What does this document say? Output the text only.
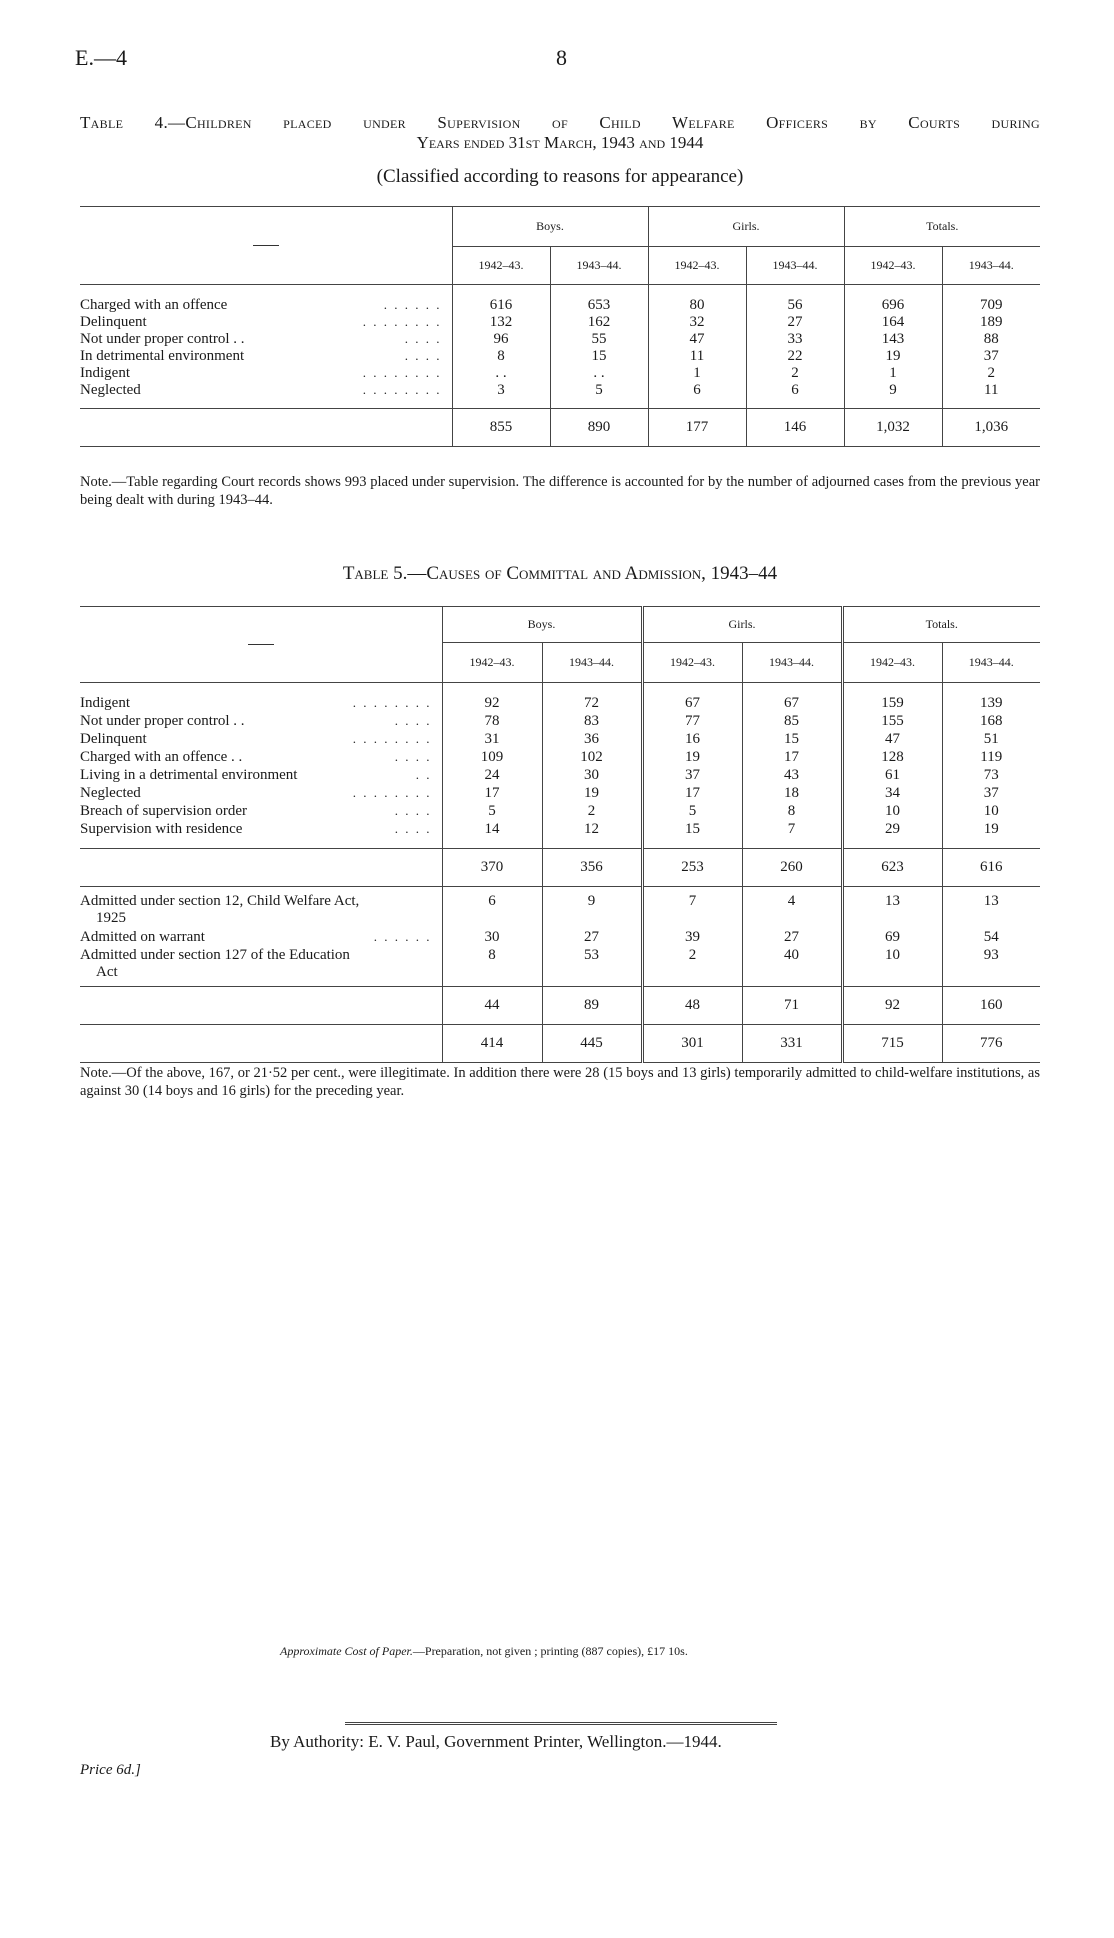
E.—4	8
Table 4.—Children placed under Supervision of Child Welfare Officers by Courts during
Years ended 31st March, 1943 and 1944
(Classified according to reasons for appearance)
	Boys.		Girls.		Totals.	
	1942–43.	1943–44.	1942–43.	1943–44.	1942–43.	1943–44.

Charged with an offence . . . . . .	616	653	80	56	696	709
Delinquent . . . . . . . .	132	162	32	27	164	189
Not under proper control . . . . . .	96	55	47	33	143	88
In detrimental environment . . . .	8	15	11	22	19	37
Indigent . . . . . . . .	. .	. .	1	2	1	2
Neglected . . . . . . . .	3	5	6	6	9	11

	855	890	177	146	1,032	1,036
Note.—Table regarding Court records shows 993 placed under supervision. The difference is accounted for by the number of adjourned cases from the previous year being dealt with during 1943–44.
Table 5.—Causes of Committal and Admission, 1943–44
	Boys.		Girls.		Totals.	
	1942–43.	1943–44.	1942–43.	1943–44.	1942–43.	1943–44.

Indigent . . . . . . . .	92	72	67	67	159	139
Not under proper control . . . . . .	78	83	77	85	155	168
Delinquent . . . . . . . .	31	36	16	15	47	51
Charged with an offence . . . . . .	109	102	19	17	128	119
Living in a detrimental environment . .	24	30	37	43	61	73
Neglected . . . . . . . .	17	19	17	18	34	37
Breach of supervision order . . . .	5	2	5	8	10	10
Supervision with residence . . . .	14	12	15	7	29	19

	370	356	253	260	623	616

Admitted under section 12, Child Welfare Act,
1925	6	9	7	4	13	13
Admitted on warrant . . . . . .	30	27	39	27	69	54
Admitted under section 127 of the Education
Act	8	53	2	40	10	93

	44	89	48	71	92	160
	414	445	301	331	715	776
Note.—Of the above, 167, or 21·52 per cent., were illegitimate. In addition there were 28 (15 boys and 13 girls) temporarily admitted to child-welfare institutions, as against 30 (14 boys and 16 girls) for the preceding year.
Approximate Cost of Paper.—Preparation, not given ; printing (887 copies), £17 10s.
By Authority: E. V. Paul, Government Printer, Wellington.—1944.
Price 6d.]
